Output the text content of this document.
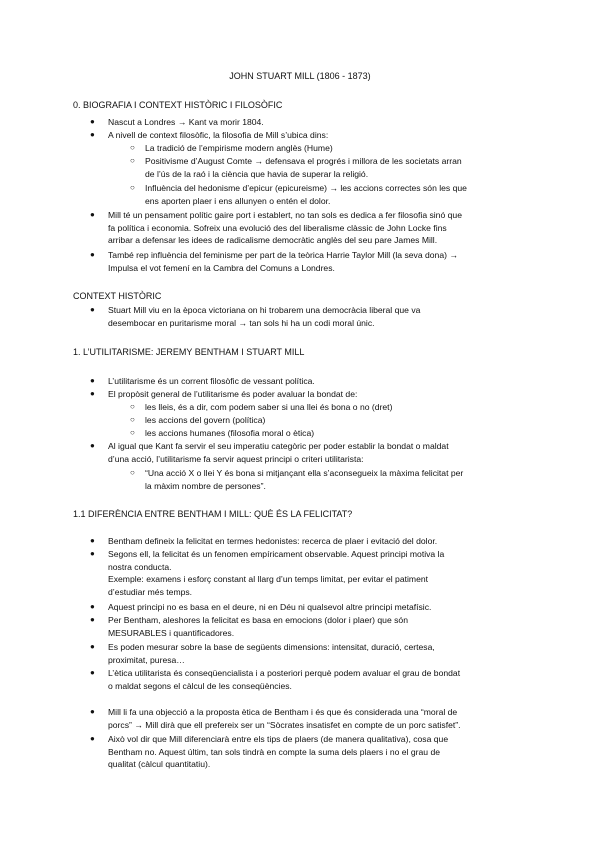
JOHN STUART MILL (1806 - 1873)
0. BIOGRAFIA I CONTEXT HISTÒRIC I FILOSÒFIC
● Nascut a Londres → Kant va morir 1804.
● A nivell de context filosòfic, la filosofia de Mill s’ubica dins:
○ La tradició de l’empirisme modern anglès (Hume)
○ Positivisme d’August Comte → defensava el progrés i millora de les societats arran
de l’ús de la raó i la ciència que havia de superar la religió.
○ Influència del hedonisme d’epicur (epicureisme) → les accions correctes són les que
ens aporten plaer i ens allunyen o entén el dolor.
● Mill té un pensament polític gaire port i establert, no tan sols es dedica a fer filosofia sinó que
fa política i economia. Sofreix una evolució des del liberalisme clàssic de John Locke fins
arribar a defensar les idees de radicalisme democràtic anglès del seu pare James Mill.
● També rep influència del feminisme per part de la teòrica Harrie Taylor Mill (la seva dona) →
Impulsa el vot femení en la Cambra del Comuns a Londres.
CONTEXT HISTÒRIC
● Stuart Mill viu en la època victoriana on hi trobarem una democràcia liberal que va
desembocar en puritarisme moral → tan sols hi ha un codi moral únic.
1. L’UTILITARISME: JEREMY BENTHAM I STUART MILL
● L’utilitarisme és un corrent filosòfic de vessant política.
● El propòsit general de l’utilitarisme és poder avaluar la bondat de:
○ les lleis, és a dir, com podem saber si una llei és bona o no (dret)
○ les accions del govern (política)
○ les accions humanes (filosofia moral o ètica)
● Al igual que Kant fa servir el seu imperatiu categòric per poder establir la bondat o maldat
d’una acció, l’utilitarisme fa servir aquest principi o criteri utilitarista:
○ “Una acció X o llei Y és bona si mitjançant ella s’aconsegueix la màxima felicitat per
la màxim nombre de persones”.
1.1 DIFERÈNCIA ENTRE BENTHAM I MILL: QUÈ ÉS LA FELICITAT?
● Bentham defineix la felicitat en termes hedonistes: recerca de plaer i evitació del dolor.
● Segons ell, la felicitat és un fenomen empíricament observable. Aquest principi motiva la
nostra conducta.
Exemple: examens i esforç constant al llarg d’un temps limitat, per evitar el patiment
d’estudiar més temps.
● Aquest principi no es basa en el deure, ni en Déu ni qualsevol altre principi metafísic.
● Per Bentham, aleshores la felicitat es basa en emocions (dolor i plaer) que són
MESURABLES i quantificadores.
● Es poden mesurar sobre la base de següents dimensions: intensitat, duració, certesa,
proximitat, puresa…
● L’ètica utilitarista és conseqüencialista i a posteriori perquè podem avaluar el grau de bondat
o maldat segons el càlcul de les conseqüències.
● Mill li fa una objecció a la proposta ètica de Bentham i és que és considerada una “moral de
porcs” → Mill dirà que ell prefereix ser un “Sòcrates insatisfet en compte de un porc satisfet”.
● Això vol dir que Mill diferenciarà entre els tips de plaers (de manera qualitativa), cosa que
Bentham no. Aquest últim, tan sols tindrà en compte la suma dels plaers i no el grau de
qualitat (càlcul quantitatiu).
